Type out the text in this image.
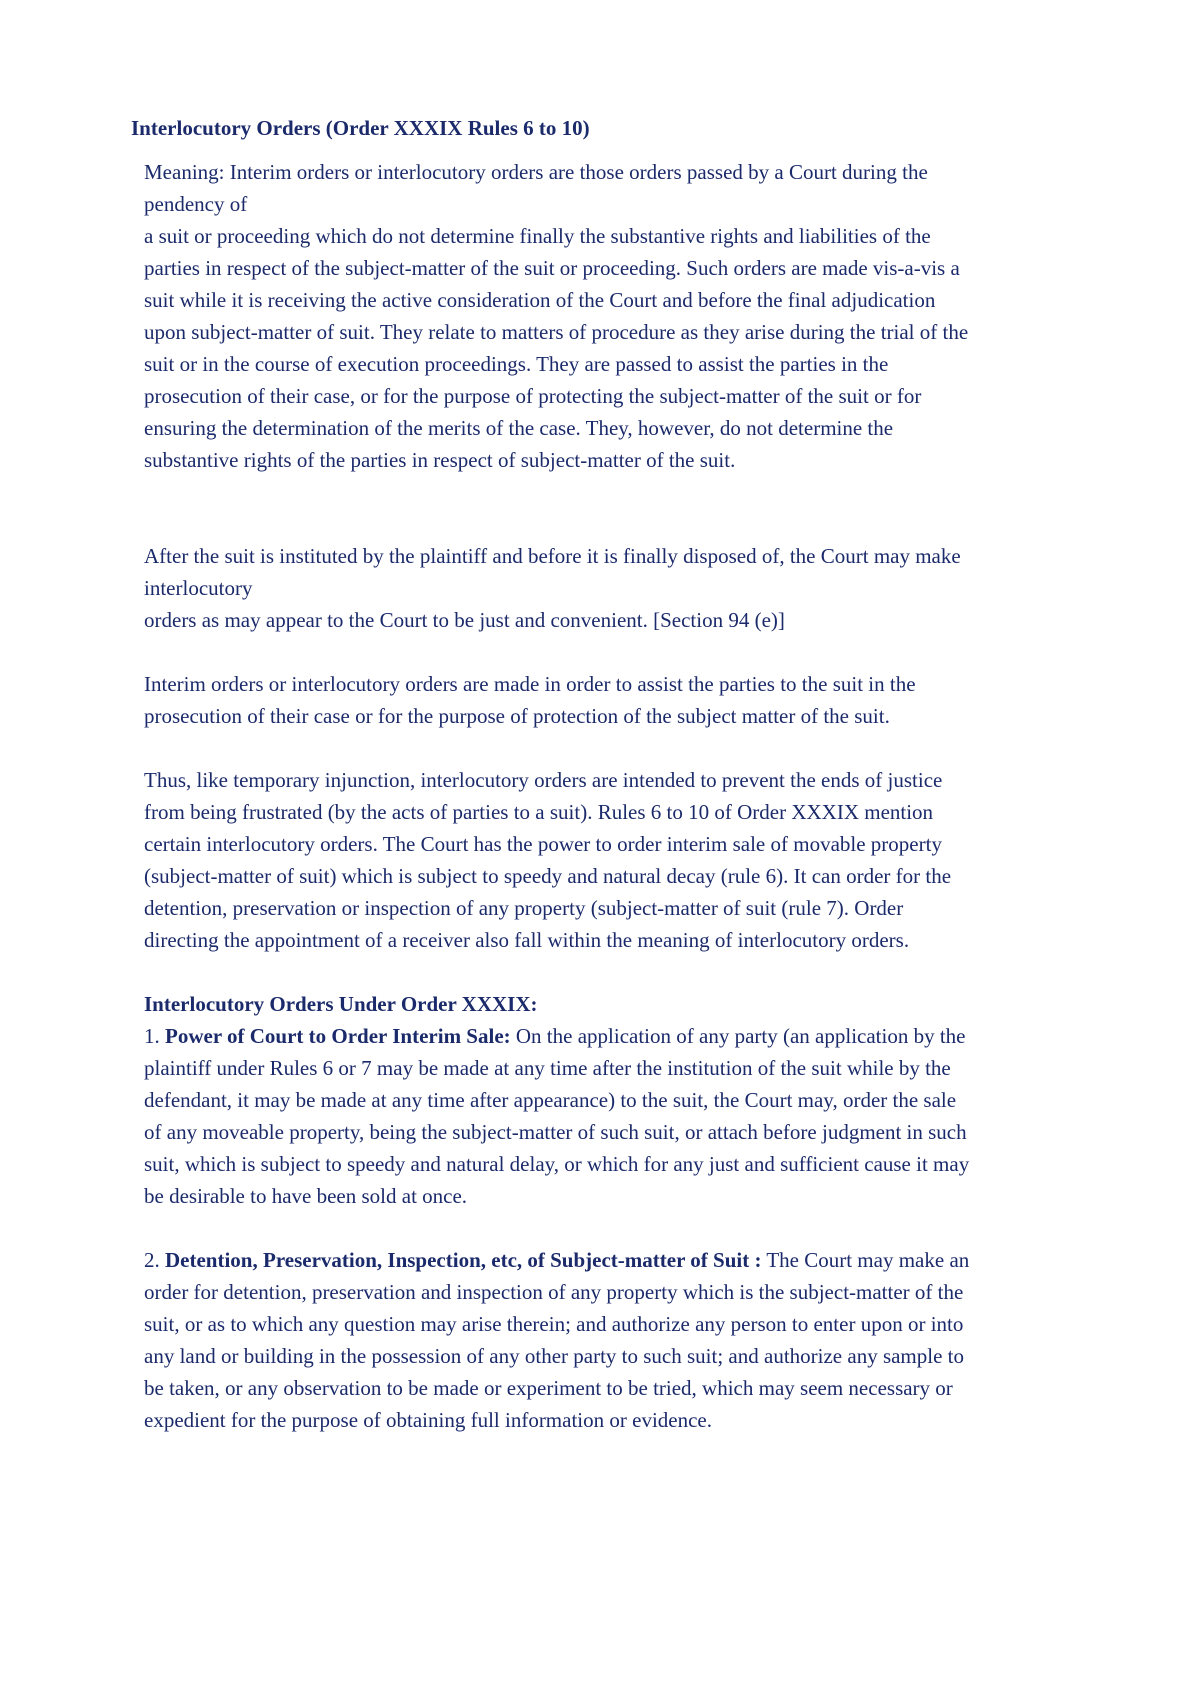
Interlocutory Orders (Order XXXIX Rules 6 to 10)

Meaning: Interim orders or interlocutory orders are those orders passed by a Court during the
pendency of
a suit or proceeding which do not determine finally the substantive rights and liabilities of the
parties in respect of the subject-matter of the suit or proceeding. Such orders are made vis-a-vis a
suit while it is receiving the active consideration of the Court and before the final adjudication
upon subject-matter of suit. They relate to matters of procedure as they arise during the trial of the
suit or in the course of execution proceedings. They are passed to assist the parties in the
prosecution of their case, or for the purpose of protecting the subject-matter of the suit or for
ensuring the determination of the merits of the case. They, however, do not determine the
substantive rights of the parties in respect of subject-matter of the suit.

After the suit is instituted by the plaintiff and before it is finally disposed of, the Court may make
interlocutory
orders as may appear to the Court to be just and convenient. [Section 94 (e)]

Interim orders or interlocutory orders are made in order to assist the parties to the suit in the
prosecution of their case or for the purpose of protection of the subject matter of the suit.

Thus, like temporary injunction, interlocutory orders are intended to prevent the ends of justice
from being frustrated (by the acts of parties to a suit). Rules 6 to 10 of Order XXXIX mention
certain interlocutory orders. The Court has the power to order interim sale of movable property
(subject-matter of suit) which is subject to speedy and natural decay (rule 6). It can order for the
detention, preservation or inspection of any property (subject-matter of suit (rule 7). Order
directing the appointment of a receiver also fall within the meaning of interlocutory orders.

Interlocutory Orders Under Order XXXIX:

1. Power of Court to Order Interim Sale: On the application of any party (an application by the
plaintiff under Rules 6 or 7 may be made at any time after the institution of the suit while by the
defendant, it may be made at any time after appearance) to the suit, the Court may, order the sale
of any moveable property, being the subject-matter of such suit, or attach before judgment in such
suit, which is subject to speedy and natural delay, or which for any just and sufficient cause it may
be desirable to have been sold at once.

2. Detention, Preservation, Inspection, etc, of Subject-matter of Suit : The Court may make an
order for detention, preservation and inspection of any property which is the subject-matter of the
suit, or as to which any question may arise therein; and authorize any person to enter upon or into
any land or building in the possession of any other party to such suit; and authorize any sample to
be taken, or any observation to be made or experiment to be tried, which may seem necessary or
expedient for the purpose of obtaining full information or evidence.
